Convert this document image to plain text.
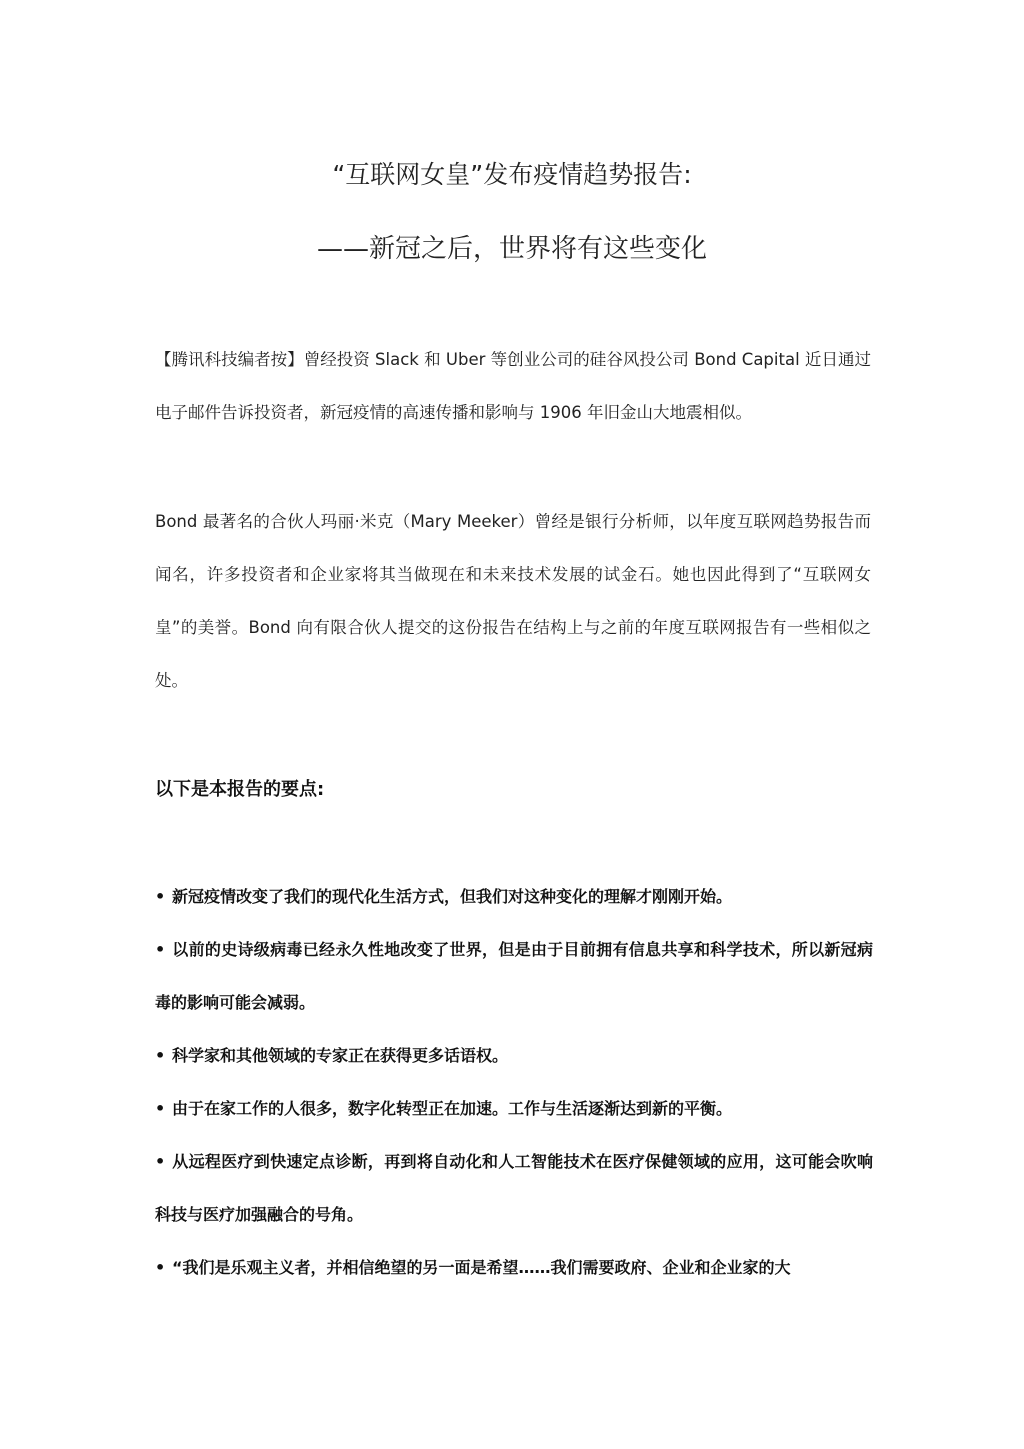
“互联网女皇”发布疫情趋势报告:
——新冠之后，世界将有这些变化

【腾讯科技编者按】曾经投资 Slack 和 Uber 等创业公司的硅谷风投公司 Bond Capital 近日通过电子邮件告诉投资者，新冠疫情的高速传播和影响与 1906 年旧金山大地震相似。

Bond 最著名的合伙人玛丽·米克（Mary Meeker）曾经是银行分析师，以年度互联网趋势报告而闻名，许多投资者和企业家将其当做现在和未来技术发展的试金石。她也因此得到了“互联网女皇”的美誉。Bond 向有限合伙人提交的这份报告在结构上与之前的年度互联网报告有一些相似之处。

以下是本报告的要点:
• 新冠疫情改变了我们的现代化生活方式，但我们对这种变化的理解才刚刚开始。
• 以前的史诗级病毒已经永久性地改变了世界，但是由于目前拥有信息共享和科学技术，所以新冠病毒的影响可能会减弱。
• 科学家和其他领域的专家正在获得更多话语权。
• 由于在家工作的人很多，数字化转型正在加速。工作与生活逐渐达到新的平衡。
• 从远程医疗到快速定点诊断，再到将自动化和人工智能技术在医疗保健领域的应用，这可能会吹响科技与医疗加强融合的号角。
• “我们是乐观主义者，并相信绝望的另一面是希望……我们需要政府、企业和企业家的大
